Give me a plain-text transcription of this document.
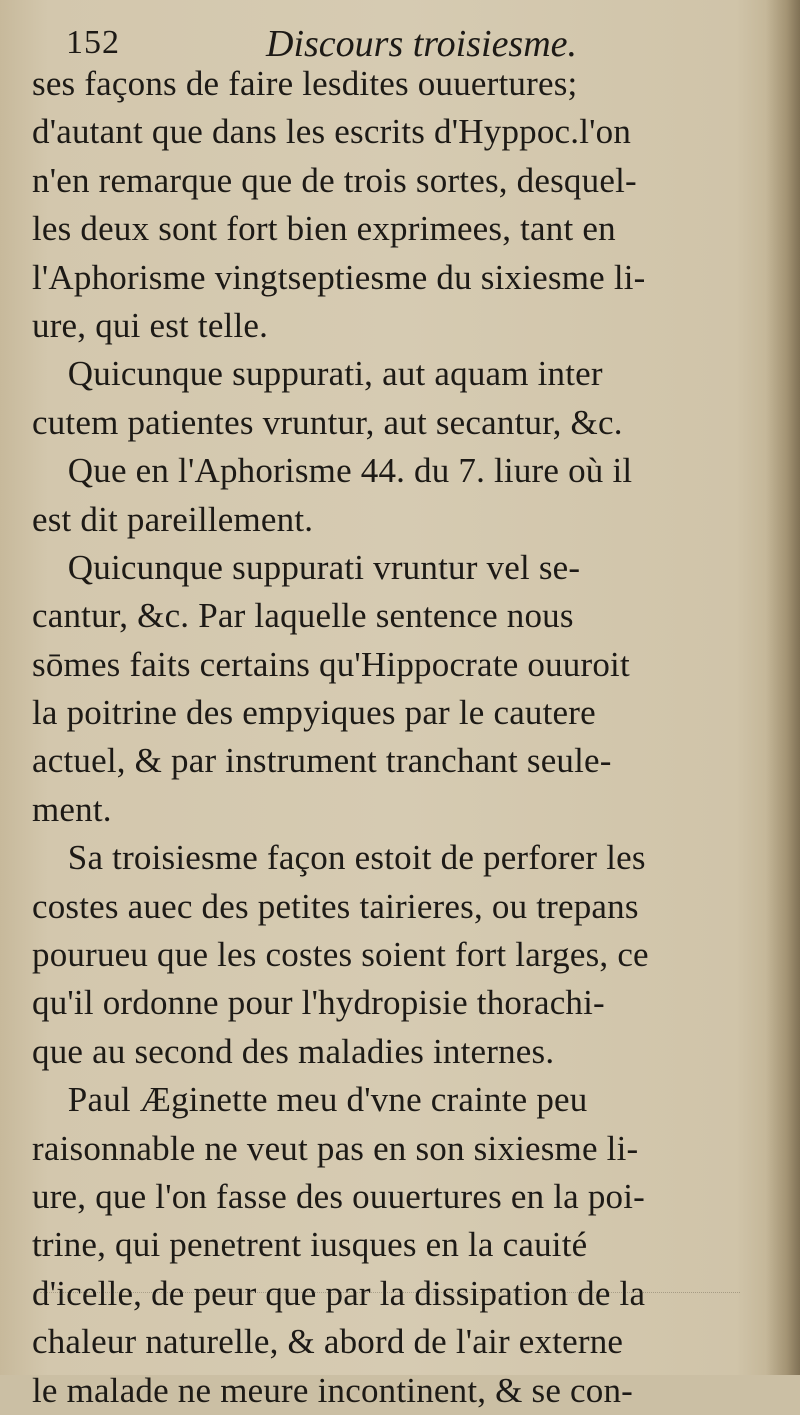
152	Discours troisiesme.
ses façons de faire lesdites ouuertures;
d'autant que dans les escrits d'Hyppoc.l'on
n'en remarque que de trois sortes, desquel-
les deux sont fort bien exprimees, tant en
l'Aphorisme vingtseptiesme du sixiesme li-
ure, qui est telle.
Quicunque suppurati, aut aquam inter
cutem patientes vruntur, aut secantur, &c.
Que en l'Aphorisme 44. du 7. liure où il
est dit pareillement.
Quicunque suppurati vruntur vel se-
cantur, &c. Par laquelle sentence nous
sōmes faits certains qu'Hippocrate ouuroit
la poitrine des empyiques par le cautere
actuel, & par instrument tranchant seule-
ment.
Sa troisiesme façon estoit de perforer les
costes auec des petites tairieres, ou trepans
pourueu que les costes soient fort larges, ce
qu'il ordonne pour l'hydropisie thorachi-
que au second des maladies internes.
Paul Æginette meu d'vne crainte peu
raisonnable ne veut pas en son sixiesme li-
ure, que l'on fasse des ouuertures en la poi-
trine, qui penetrent iusques en la cauité
d'icelle, de peur que par la dissipation de la
chaleur naturelle, & abord de l'air externe
le malade ne meure incontinent, & se con-
